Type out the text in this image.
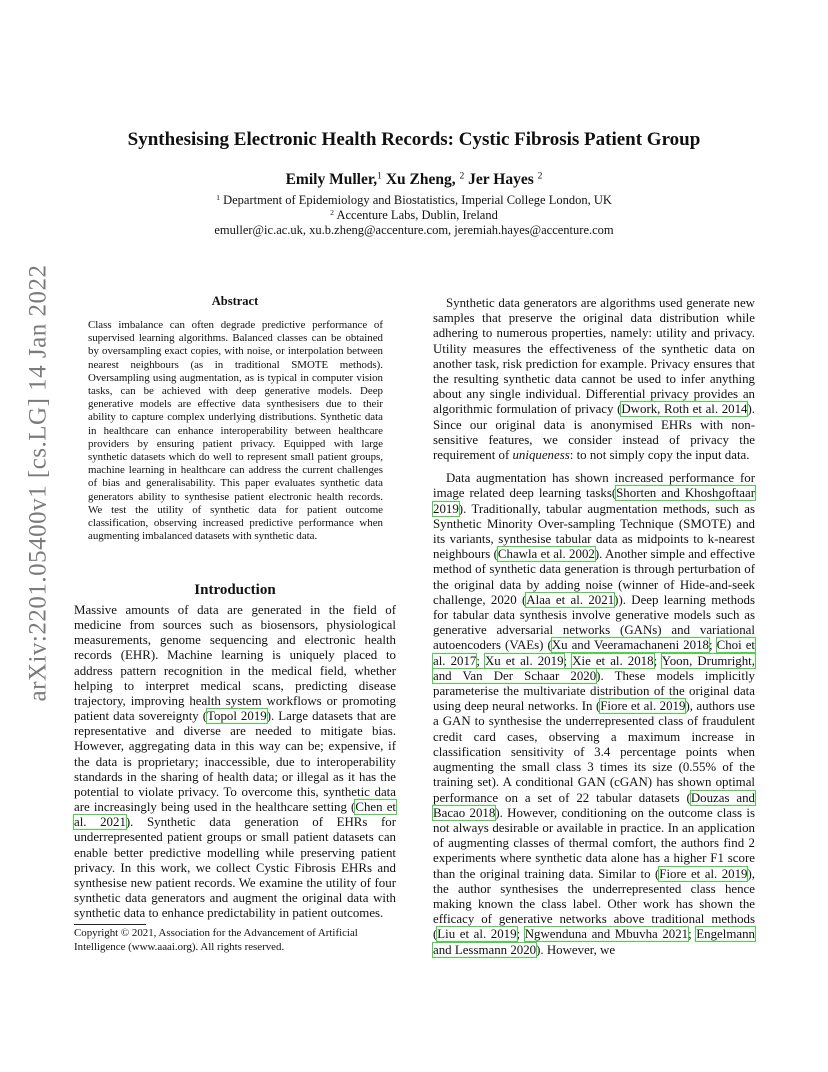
arXiv:2201.05400v1 [cs.LG] 14 Jan 2022
Synthesising Electronic Health Records: Cystic Fibrosis Patient Group
Emily Muller,$^1$ Xu Zheng, $^2$ Jer Hayes $^2$
$^1$ Department of Epidemiology and Biostatistics, Imperial College London, UK
$^2$ Accenture Labs, Dublin, Ireland
emuller@ic.ac.uk, xu.b.zheng@accenture.com, jeremiah.hayes@accenture.com
Abstract
Class imbalance can often degrade predictive performance of supervised learning algorithms. Balanced classes can be obtained by oversampling exact copies, with noise, or interpolation between nearest neighbours (as in traditional SMOTE methods). Oversampling using augmentation, as is typical in computer vision tasks, can be achieved with deep generative models. Deep generative models are effective data synthesisers due to their ability to capture complex underlying distributions. Synthetic data in healthcare can enhance interoperability between healthcare providers by ensuring patient privacy. Equipped with large synthetic datasets which do well to represent small patient groups, machine learning in healthcare can address the current challenges of bias and generalisability. This paper evaluates synthetic data generators ability to synthesise patient electronic health records. We test the utility of synthetic data for patient outcome classification, observing increased predictive performance when augmenting imbalanced datasets with synthetic data.
Introduction
Massive amounts of data are generated in the field of medicine from sources such as biosensors, physiological measurements, genome sequencing and electronic health records (EHR). Machine learning is uniquely placed to address pattern recognition in the medical field, whether helping to interpret medical scans, predicting disease trajectory, improving health system workflows or promoting patient data sovereignty (Topol 2019). Large datasets that are representative and diverse are needed to mitigate bias. However, aggregating data in this way can be; expensive, if the data is proprietary; inaccessible, due to interoperability standards in the sharing of health data; or illegal as it has the potential to violate privacy. To overcome this, synthetic data are increasingly being used in the healthcare setting (Chen et al. 2021). Synthetic data generation of EHRs for underrepresented patient groups or small patient datasets can enable better predictive modelling while preserving patient privacy. In this work, we collect Cystic Fibrosis EHRs and synthesise new patient records. We examine the utility of four synthetic data generators and augment the original data with synthetic data to enhance predictability in patient outcomes.
Copyright © 2021, Association for the Advancement of Artificial Intelligence (www.aaai.org). All rights reserved.

Synthetic data generators are algorithms used generate new samples that preserve the original data distribution while adhering to numerous properties, namely: utility and privacy. Utility measures the effectiveness of the synthetic data on another task, risk prediction for example. Privacy ensures that the resulting synthetic data cannot be used to infer anything about any single individual. Differential privacy provides an algorithmic formulation of privacy (Dwork, Roth et al. 2014). Since our original data is anonymised EHRs with non-sensitive features, we consider instead of privacy the requirement of uniqueness: to not simply copy the input data.

Data augmentation has shown increased performance for image related deep learning tasks(Shorten and Khoshgoftaar 2019). Traditionally, tabular augmentation methods, such as Synthetic Minority Over-sampling Technique (SMOTE) and its variants, synthesise tabular data as midpoints to k-nearest neighbours (Chawla et al. 2002). Another simple and effective method of synthetic data generation is through perturbation of the original data by adding noise (winner of Hide-and-seek challenge, 2020 (Alaa et al. 2021)). Deep learning methods for tabular data synthesis involve generative models such as generative adversarial networks (GANs) and variational autoencoders (VAEs) (Xu and Veeramachaneni 2018; Choi et al. 2017; Xu et al. 2019; Xie et al. 2018; Yoon, Drumright, and Van Der Schaar 2020). These models implicitly parameterise the multivariate distribution of the original data using deep neural networks. In (Fiore et al. 2019), authors use a GAN to synthesise the underrepresented class of fraudulent credit card cases, observing a maximum increase in classification sensitivity of 3.4 percentage points when augmenting the small class 3 times its size (0.55% of the training set). A conditional GAN (cGAN) has shown optimal performance on a set of 22 tabular datasets (Douzas and Bacao 2018). However, conditioning on the outcome class is not always desirable or available in practice. In an application of augmenting classes of thermal comfort, the authors find 2 experiments where synthetic data alone has a higher F1 score than the original training data. Similar to (Fiore et al. 2019), the author synthesises the underrepresented class hence making known the class label. Other work has shown the efficacy of generative networks above traditional methods (Liu et al. 2019; Ngwenduna and Mbuvha 2021; Engelmann and Lessmann 2020). However, we
